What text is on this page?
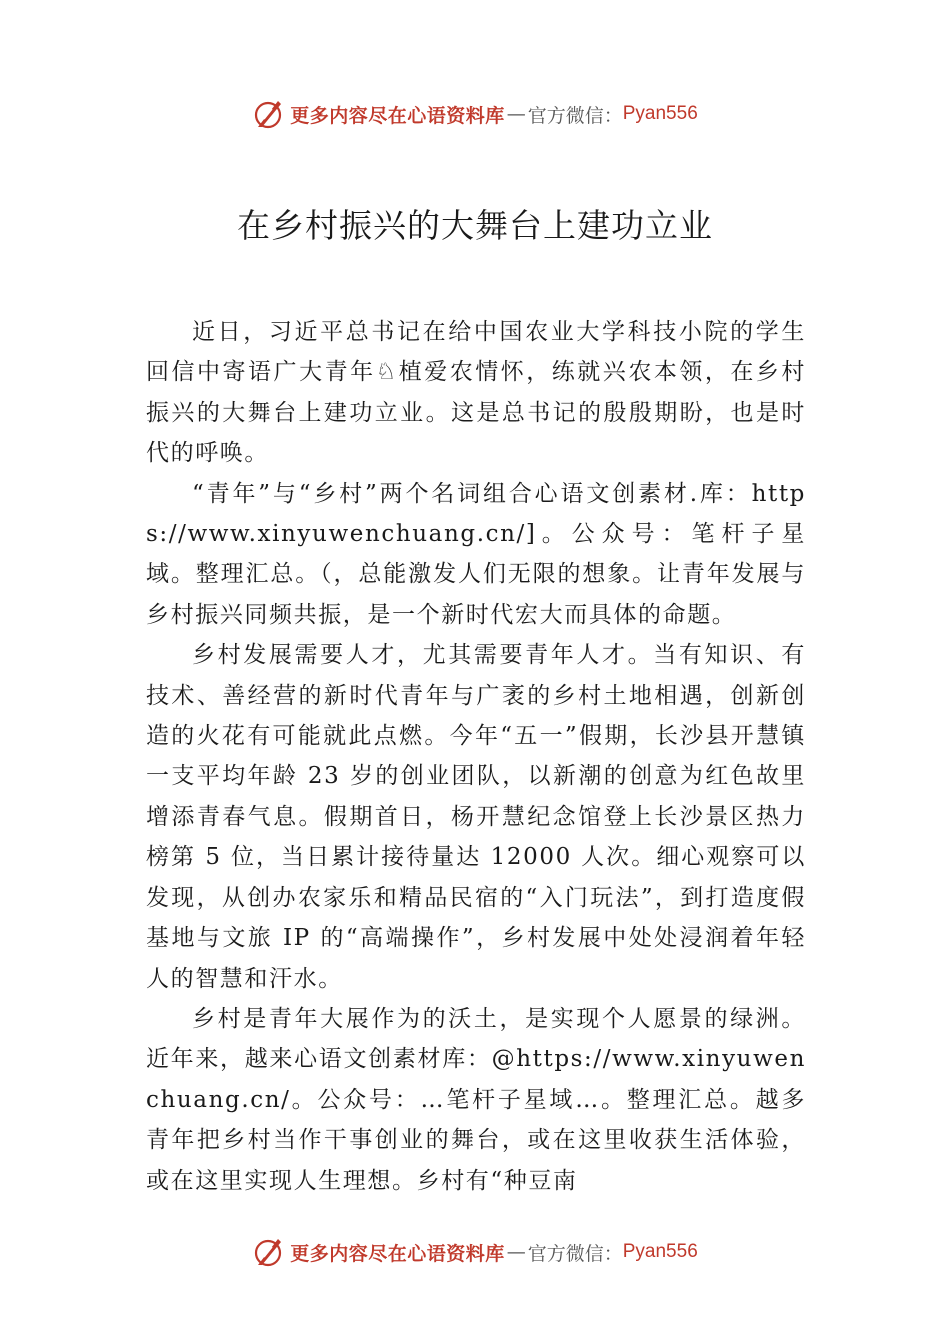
更多内容尽在心语资料库 — 官方微信： Pyan556
在乡村振兴的大舞台上建功立业

近日，习近平总书记在给中国农业大学科技小院的学生回信中寄语广大青年♘植爱农情怀，练就兴农本领，在乡村振兴的大舞台上建功立业。这是总书记的殷殷期盼，也是时代的呼唤。

“青年”与“乡村”两个名词组合心语文创素材.库：https://www.xinyuwenchuang.cn/]。公众号：笔杆子星域。整理汇总。（，总能激发人们无限的想象。让青年发展与乡村振兴同频共振，是一个新时代宏大而具体的命题。

乡村发展需要人才，尤其需要青年人才。当有知识、有技术、善经营的新时代青年与广袤的乡村土地相遇，创新创造的火花有可能就此点燃。今年“五一”假期，长沙县开慧镇一支平均年龄 23 岁的创业团队，以新潮的创意为红色故里增添青春气息。假期首日，杨开慧纪念馆登上长沙景区热力榜第 5 位，当日累计接待量达 12000 人次。细心观察可以发现，从创办农家乐和精品民宿的“入门玩法”，到打造度假基地与文旅 IP 的“高端操作”，乡村发展中处处浸润着年轻人的智慧和汗水。

乡村是青年大展作为的沃土，是实现个人愿景的绿洲。近年来，越来心语文创素材库：@https://www.xinyuwenchuang.cn/。公众号：…笔杆子星域…。整理汇总。越多青年把乡村当作干事创业的舞台，或在这里收获生活体验，或在这里实现人生理想。乡村有“种豆南

更多内容尽在心语资料库 — 官方微信： Pyan556
